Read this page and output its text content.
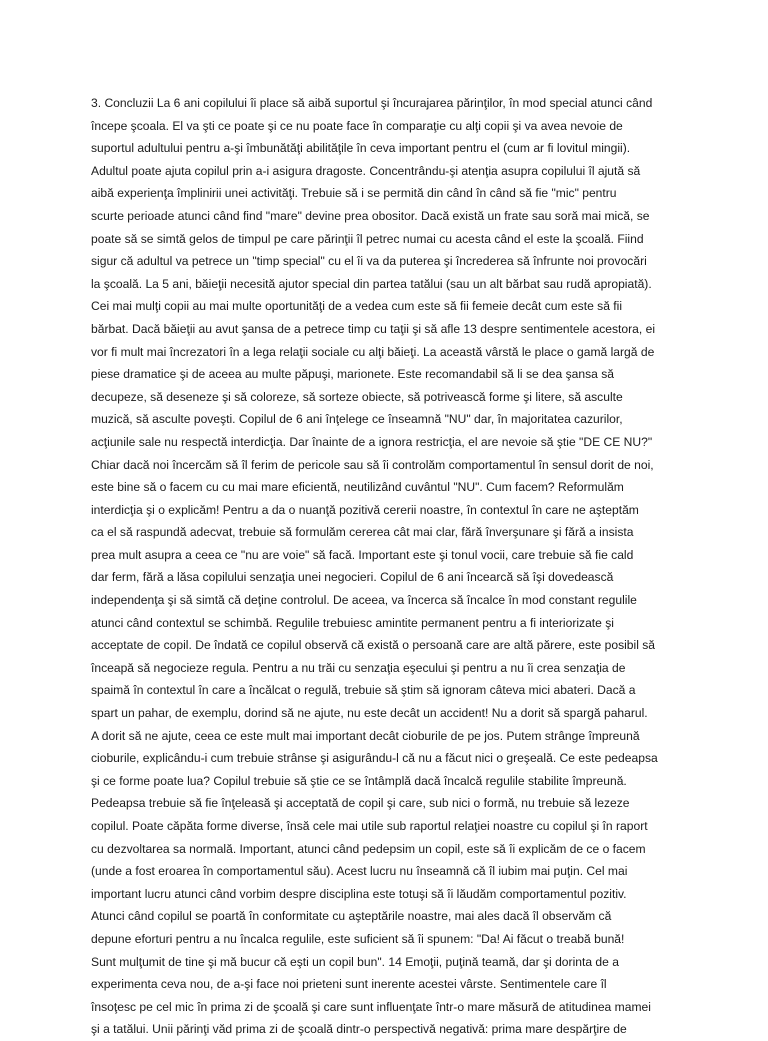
3. Concluzii La 6 ani copilului îi place să aibă suportul şi încurajarea părinţilor, în mod special atunci când
începe şcoala. El va şti ce poate şi ce nu poate face în comparaţie cu alţi copii şi va avea nevoie de
suportul adultului pentru a-şi îmbunătăţi abilităţile în ceva important pentru el (cum ar fi lovitul mingii).
Adultul poate ajuta copilul prin a-i asigura dragoste. Concentrându-şi atenţia asupra copilului îl ajută să
aibă experienţa împlinirii unei activităţi. Trebuie să i se permită din când în când să fie "mic" pentru
scurte perioade atunci când find "mare" devine prea obositor. Dacă există un frate sau soră mai mică, se
poate să se simtă gelos de timpul pe care părinţii îl petrec numai cu acesta când el este la şcoală. Fiind
sigur că adultul va petrece un "timp special" cu el îi va da puterea şi încrederea să înfrunte noi provocări
la şcoală. La 5 ani, băieţii necesită ajutor special din partea tatălui (sau un alt bărbat sau rudă apropiată).
Cei mai mulţi copii au mai multe oportunităţi de a vedea cum este să fii femeie decât cum este să fii
bărbat. Dacă băieţii au avut şansa de a petrece timp cu taţii şi să afle 13 despre sentimentele acestora, ei
vor fi mult mai încrezatori în a lega relaţii sociale cu alţi băieţi. La această vârstă le place o gamă largă de
piese dramatice şi de aceea au multe păpuşi, marionete. Este recomandabil să li se dea şansa să
decupeze, să deseneze şi să coloreze, să sorteze obiecte, să potrivească forme şi litere, să asculte
muzică, să asculte poveşti. Copilul de 6 ani înţelege ce înseamnă "NU" dar, în majoritatea cazurilor,
acţiunile sale nu respectă interdicţia. Dar înainte de a ignora restricţia, el are nevoie să ştie "DE CE NU?"
Chiar dacă noi încercăm să îl ferim de pericole sau să îi controlăm comportamentul în sensul dorit de noi,
este bine să o facem cu cu mai mare eficientă, neutilizând cuvântul "NU". Cum facem? Reformulăm
interdicţia şi o explicăm! Pentru a da o nuanţă pozitivă cererii noastre, în contextul în care ne aşteptăm
ca el să raspundă adecvat, trebuie să formulăm cererea cât mai clar, fără înverşunare şi fără a insista
prea mult asupra a ceea ce "nu are voie" să facă. Important este şi tonul vocii, care trebuie să fie cald
dar ferm, fără a lăsa copilului senzaţia unei negocieri. Copilul de 6 ani încearcă să îşi dovedească
independenţa şi să simtă că deţine controlul. De aceea, va încerca să încalce în mod constant regulile
atunci când contextul se schimbă. Regulile trebuiesc amintite permanent pentru a fi interiorizate şi
acceptate de copil. De îndată ce copilul observă că există o persoană care are altă părere, este posibil să
înceapă să negocieze regula. Pentru a nu trăi cu senzaţia eşecului şi pentru a nu îi crea senzaţia de
spaimă în contextul în care a încălcat o regulă, trebuie să ştim să ignoram câteva mici abateri. Dacă a
spart un pahar, de exemplu, dorind să ne ajute, nu este decât un accident! Nu a dorit să spargă paharul.
A dorit să ne ajute, ceea ce este mult mai important decât cioburile de pe jos. Putem strânge împreună
cioburile, explicându-i cum trebuie strânse şi asigurându-l că nu a făcut nici o greşeală. Ce este pedeapsa
şi ce forme poate lua? Copilul trebuie să ştie ce se întâmplă dacă încalcă regulile stabilite împreună.
Pedeapsa trebuie să fie înţeleasă şi acceptată de copil şi care, sub nici o formă, nu trebuie să lezeze
copilul. Poate căpăta forme diverse, însă cele mai utile sub raportul relaţiei noastre cu copilul şi în raport
cu dezvoltarea sa normală. Important, atunci când pedepsim un copil, este să îi explicăm de ce o facem
(unde a fost eroarea în comportamentul său). Acest lucru nu înseamnă că îl iubim mai puţin. Cel mai
important lucru atunci când vorbim despre disciplina este totuşi să îi lăudăm comportamentul pozitiv.
Atunci când copilul se poartă în conformitate cu aşteptările noastre, mai ales dacă îl observăm că
depune eforturi pentru a nu încalca regulile, este suficient să îi spunem: "Da! Ai făcut o treabă bună!
Sunt mulţumit de tine şi mă bucur că eşti un copil bun". 14 Emoţii, puţină teamă, dar şi dorinta de a
experimenta ceva nou, de a-şi face noi prieteni sunt inerente acestei vârste. Sentimentele care îl
însoţesc pe cel mic în prima zi de şcoală şi care sunt influenţate într-o mare măsură de atitudinea mamei
şi a tatălui. Unii părinţi văd prima zi de şcoală dintr-o perspectivă negativă: prima mare despărţire de
